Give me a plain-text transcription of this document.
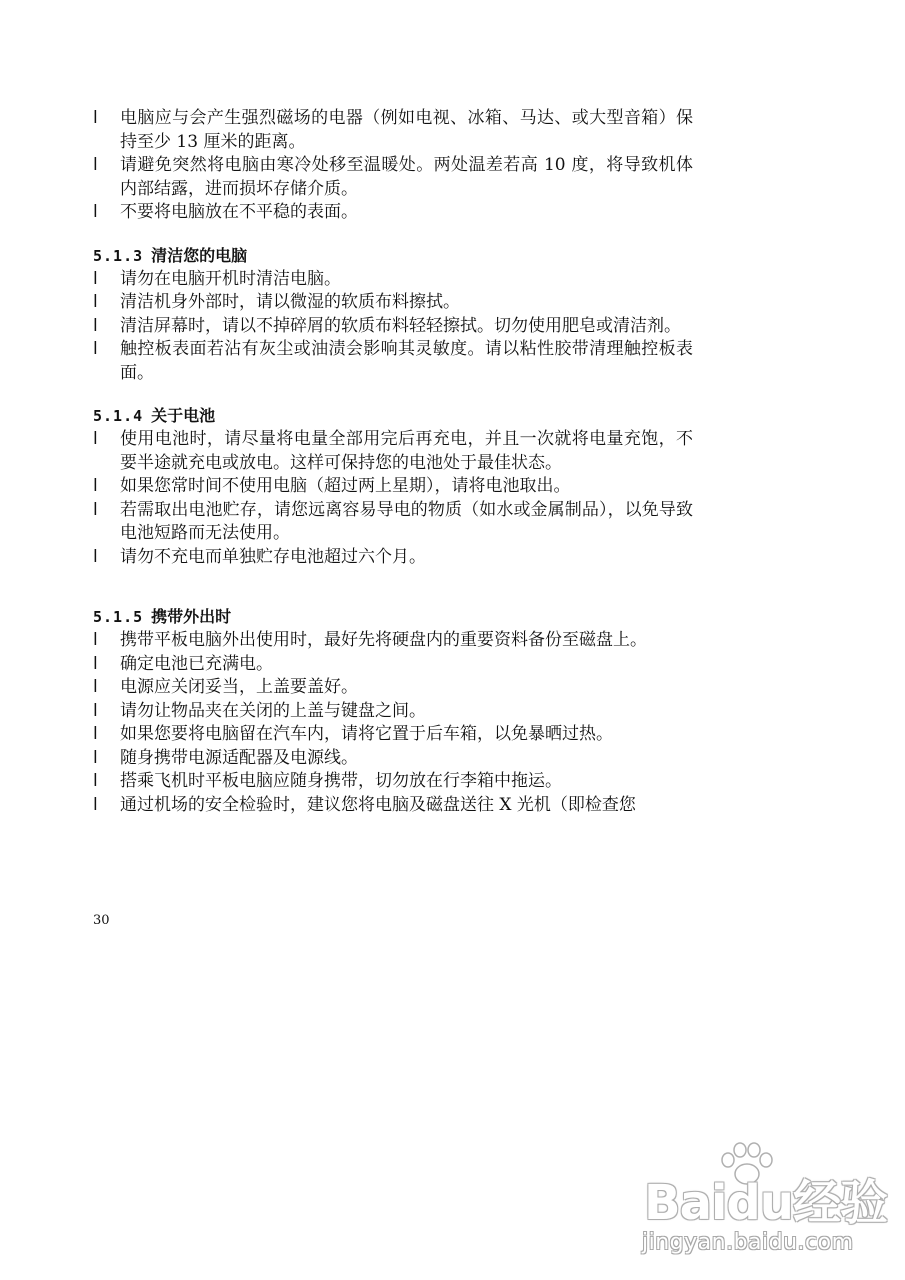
l	电脑应与会产生强烈磁场的电器（例如电视、冰箱、马达、或大型音箱）保持至少 13 厘米的距离。

l	请避免突然将电脑由寒冷处移至温暖处。两处温差若高 10 度，将导致机体内部结露，进而损坏存储介质。

l	不要将电脑放在不平稳的表面。

5.1.3 清洁您的电脑

l	请勿在电脑开机时清洁电脑。

l	清洁机身外部时，请以微湿的软质布料擦拭。

l	清洁屏幕时，请以不掉碎屑的软质布料轻轻擦拭。切勿使用肥皂或清洁剂。

l	触控板表面若沾有灰尘或油渍会影响其灵敏度。请以粘性胶带清理触控板表面。

5.1.4 关于电池

l	使用电池时，请尽量将电量全部用完后再充电，并且一次就将电量充饱，不要半途就充电或放电。这样可保持您的电池处于最佳状态。

l	如果您常时间不使用电脑（超过两上星期），请将电池取出。

l	若需取出电池贮存，请您远离容易导电的物质（如水或金属制品），以免导致电池短路而无法使用。

l	请勿不充电而单独贮存电池超过六个月。

5.1.5 携带外出时

l	携带平板电脑外出使用时，最好先将硬盘内的重要资料备份至磁盘上。

l	确定电池已充满电。

l	电源应关闭妥当，上盖要盖好。

l	请勿让物品夹在关闭的上盖与键盘之间。

l	如果您要将电脑留在汽车内，请将它置于后车箱，以免暴晒过热。

l	随身携带电源适配器及电源线。

l	搭乘飞机时平板电脑应随身携带，切勿放在行李箱中拖运。

l	通过机场的安全检验时，建议您将电脑及磁盘送往 X 光机（即检查您

30
Baidu经验
jingyan.baidu.com
